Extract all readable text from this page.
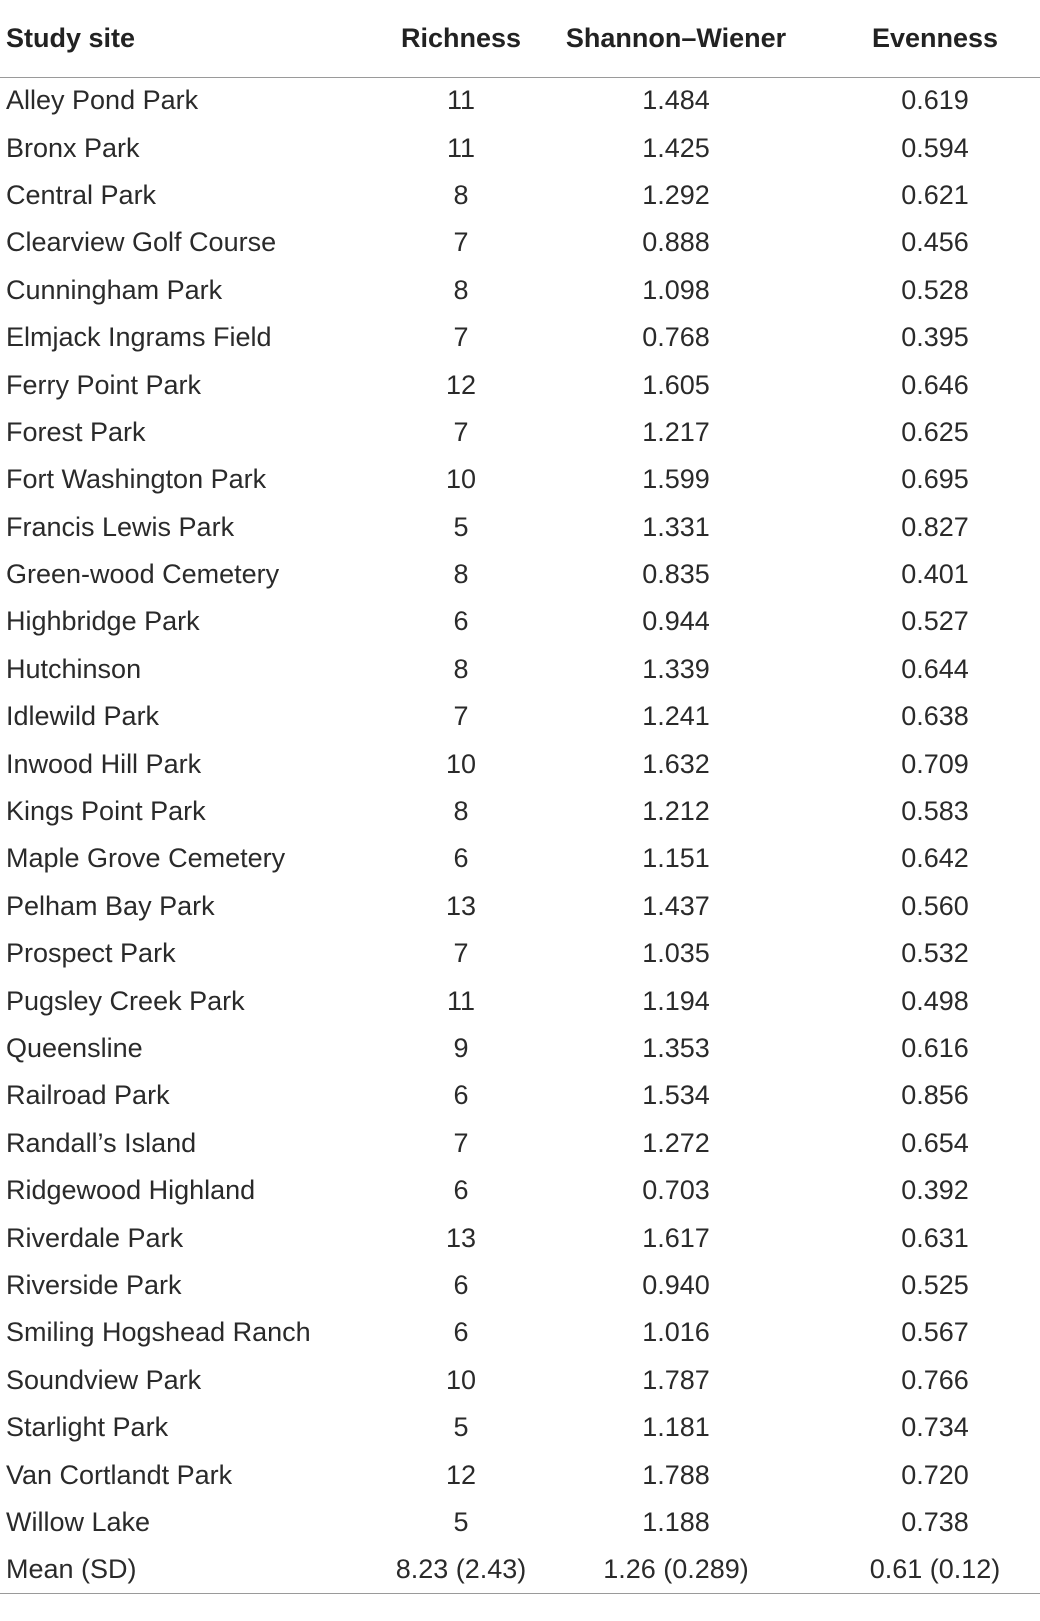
Study site	Richness	Shannon–Wiener	Evenness
Alley Pond Park	11	1.484	0.619
Bronx Park	11	1.425	0.594
Central Park	8	1.292	0.621
Clearview Golf Course	7	0.888	0.456
Cunningham Park	8	1.098	0.528
Elmjack Ingrams Field	7	0.768	0.395
Ferry Point Park	12	1.605	0.646
Forest Park	7	1.217	0.625
Fort Washington Park	10	1.599	0.695
Francis Lewis Park	5	1.331	0.827
Green-wood Cemetery	8	0.835	0.401
Highbridge Park	6	0.944	0.527
Hutchinson	8	1.339	0.644
Idlewild Park	7	1.241	0.638
Inwood Hill Park	10	1.632	0.709
Kings Point Park	8	1.212	0.583
Maple Grove Cemetery	6	1.151	0.642
Pelham Bay Park	13	1.437	0.560
Prospect Park	7	1.035	0.532
Pugsley Creek Park	11	1.194	0.498
Queensline	9	1.353	0.616
Railroad Park	6	1.534	0.856
Randall’s Island	7	1.272	0.654
Ridgewood Highland	6	0.703	0.392
Riverdale Park	13	1.617	0.631
Riverside Park	6	0.940	0.525
Smiling Hogshead Ranch	6	1.016	0.567
Soundview Park	10	1.787	0.766
Starlight Park	5	1.181	0.734
Van Cortlandt Park	12	1.788	0.720
Willow Lake	5	1.188	0.738
Mean (SD)	8.23 (2.43)	1.26 (0.289)	0.61 (0.12)
